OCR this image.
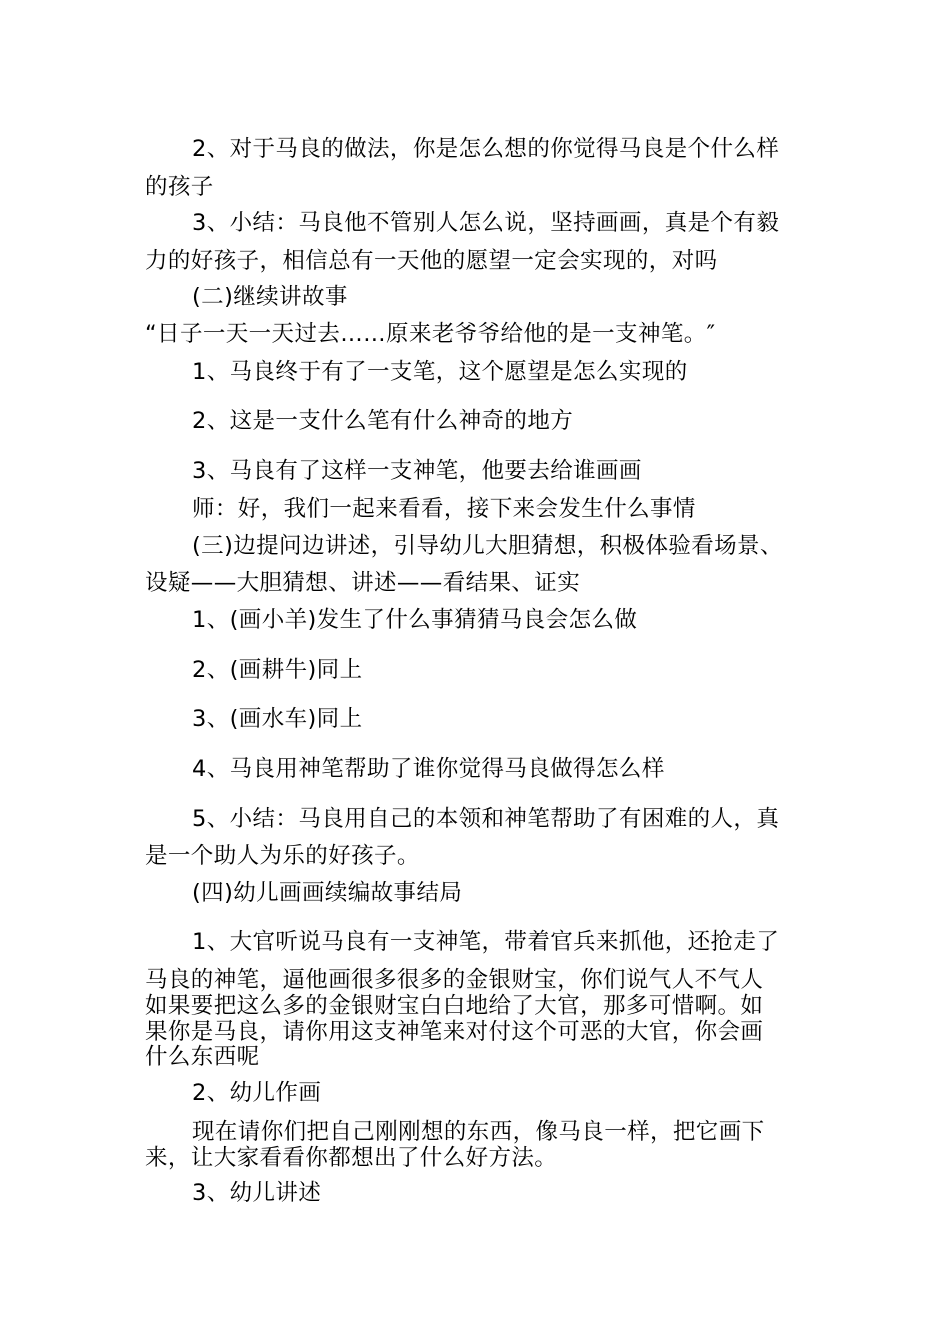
2、对于马良的做法，你是怎么想的你觉得马良是个什么样
的孩子
3、小结：马良他不管别人怎么说，坚持画画，真是个有毅
力的好孩子，相信总有一天他的愿望一定会实现的，对吗
(二)继续讲故事
“日子一天一天过去……原来老爷爷给他的是一支神笔。″
1、马良终于有了一支笔，这个愿望是怎么实现的
2、这是一支什么笔有什么神奇的地方
3、马良有了这样一支神笔，他要去给谁画画
师：好，我们一起来看看，接下来会发生什么事情
(三)边提问边讲述，引导幼儿大胆猜想，积极体验看场景、
设疑——大胆猜想、讲述——看结果、证实
1、(画小羊)发生了什么事猜猜马良会怎么做
2、(画耕牛)同上
3、(画水车)同上
4、马良用神笔帮助了谁你觉得马良做得怎么样
5、小结：马良用自己的本领和神笔帮助了有困难的人，真
是一个助人为乐的好孩子。
(四)幼儿画画续编故事结局
1、大官听说马良有一支神笔，带着官兵来抓他，还抢走了
马良的神笔，逼他画很多很多的金银财宝，你们说气人不气人
如果要把这么多的金银财宝白白地给了大官，那多可惜啊。如
果你是马良，请你用这支神笔来对付这个可恶的大官，你会画
什么东西呢
2、幼儿作画
现在请你们把自己刚刚想的东西，像马良一样，把它画下
来，让大家看看你都想出了什么好方法。
3、幼儿讲述
